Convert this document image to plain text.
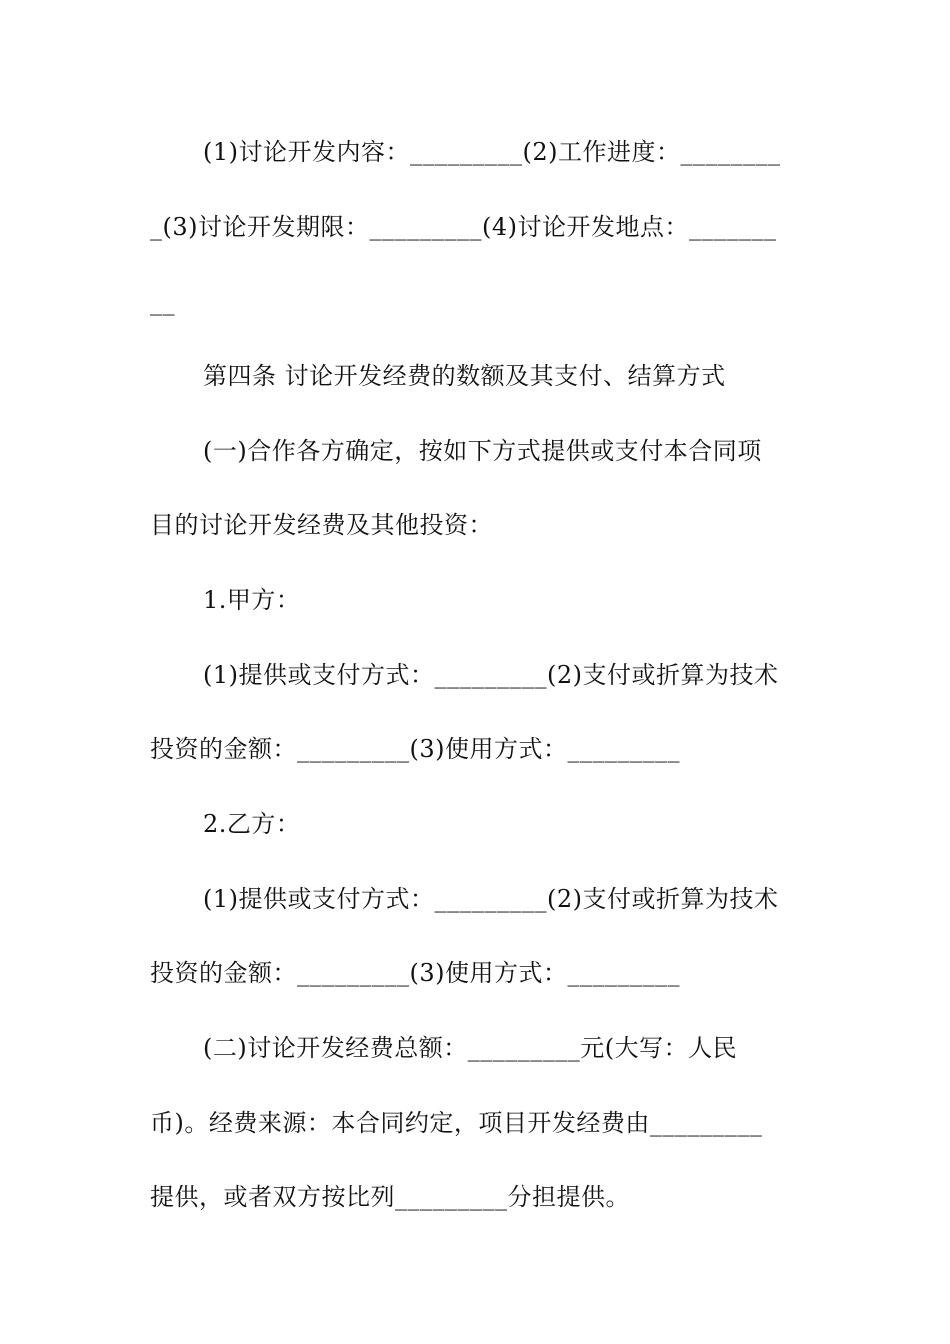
(1)讨论开发内容：_________(2)工作进度：________
_(3)讨论开发期限：_________(4)讨论开发地点：_______
__
第四条 讨论开发经费的数额及其支付、结算方式
(一)合作各方确定，按如下方式提供或支付本合同项
目的讨论开发经费及其他投资：
1.甲方：
(1)提供或支付方式：_________(2)支付或折算为技术
投资的金额：_________(3)使用方式：_________
2.乙方：
(1)提供或支付方式：_________(2)支付或折算为技术
投资的金额：_________(3)使用方式：_________
(二)讨论开发经费总额：_________元(大写：人民
币)。经费来源：本合同约定，项目开发经费由_________
提供，或者双方按比列_________分担提供。
